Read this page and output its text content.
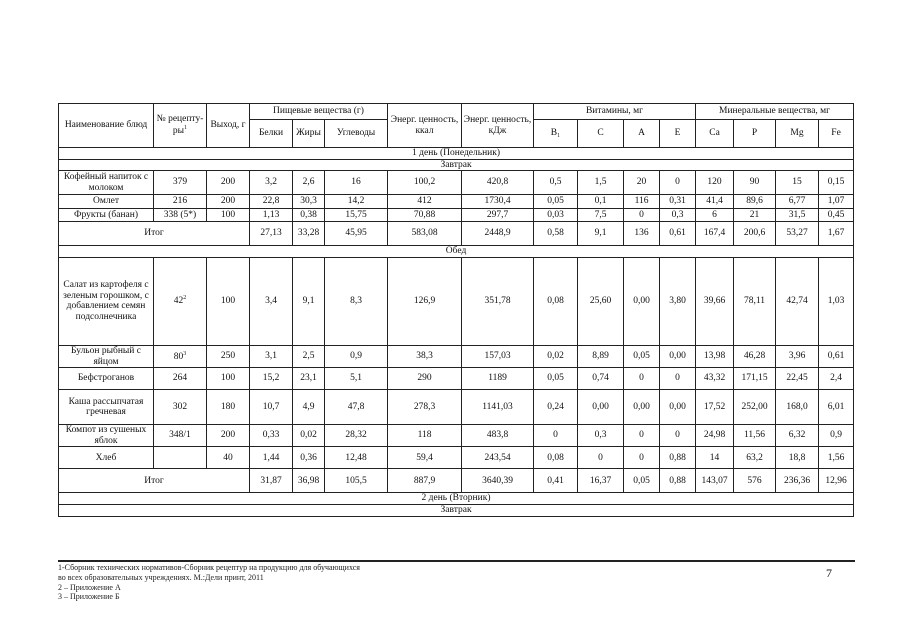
Наименование блюд	№ рецепту-$ры^1$	Выход, г	Пищевые вещества (г)			Энерг. ценность, ккал	Энерг. ценность, кДж	Витамины, мг				Минеральные вещества, мг			
			Белки	Жиры	Углеводы			B₁	C	A	E	Ca	P	Mg	Fe
1 день (Понедельник)															
Завтрак															
Кофейный напиток с молоком	379	200	3,2	2,6	16	100,2	420,8	0,5	1,5	20	0	120	90	15	0,15
Омлет	216	200	22,8	30,3	14,2	412	1730,4	0,05	0,1	116	0,31	41,4	89,6	6,77	1,07
Фрукты (банан)	338 (5*)	100	1,13	0,38	15,75	70,88	297,7	0,03	7,5	0	0,3	6	21	31,5	0,45
Итог			27,13	33,28	45,95	583,08	2448,9	0,58	9,1	136	0,61	167,4	200,6	53,27	1,67
Обед															
Салат из картофеля с зеленым горошком, с добавлением семян подсолнечника	$42^2$	100	3,4	9,1	8,3	126,9	351,78	0,08	25,60	0,00	3,80	39,66	78,11	42,74	1,03
Бульон рыбный с яйцом	$80^3$	250	3,1	2,5	0,9	38,3	157,03	0,02	8,89	0,05	0,00	13,98	46,28	3,96	0,61
Бефстроганов	264	100	15,2	23,1	5,1	290	1189	0,05	0,74	0	0	43,32	171,15	22,45	2,4
Каша рассыпчатая гречневая	302	180	10,7	4,9	47,8	278,3	1141,03	0,24	0,00	0,00	0,00	17,52	252,00	168,0	6,01
Компот из сушеных яблок	348/1	200	0,33	0,02	28,32	118	483,8	0	0,3	0	0	24,98	11,56	6,32	0,9
Хлеб		40	1,44	0,36	12,48	59,4	243,54	0,08	0	0	0,88	14	63,2	18,8	1,56
Итог			31,87	36,98	105,5	887,9	3640,39	0,41	16,37	0,05	0,88	143,07	576	236,36	12,96
2 день (Вторник)															
Завтрак															
1-Сборник технических нормативов-Сборник рецептур на продукцию для обучающихся
во всех образовательных учреждениях. М.:Дели принт, 2011
2 – Приложение А
3 – Приложение Б
7
